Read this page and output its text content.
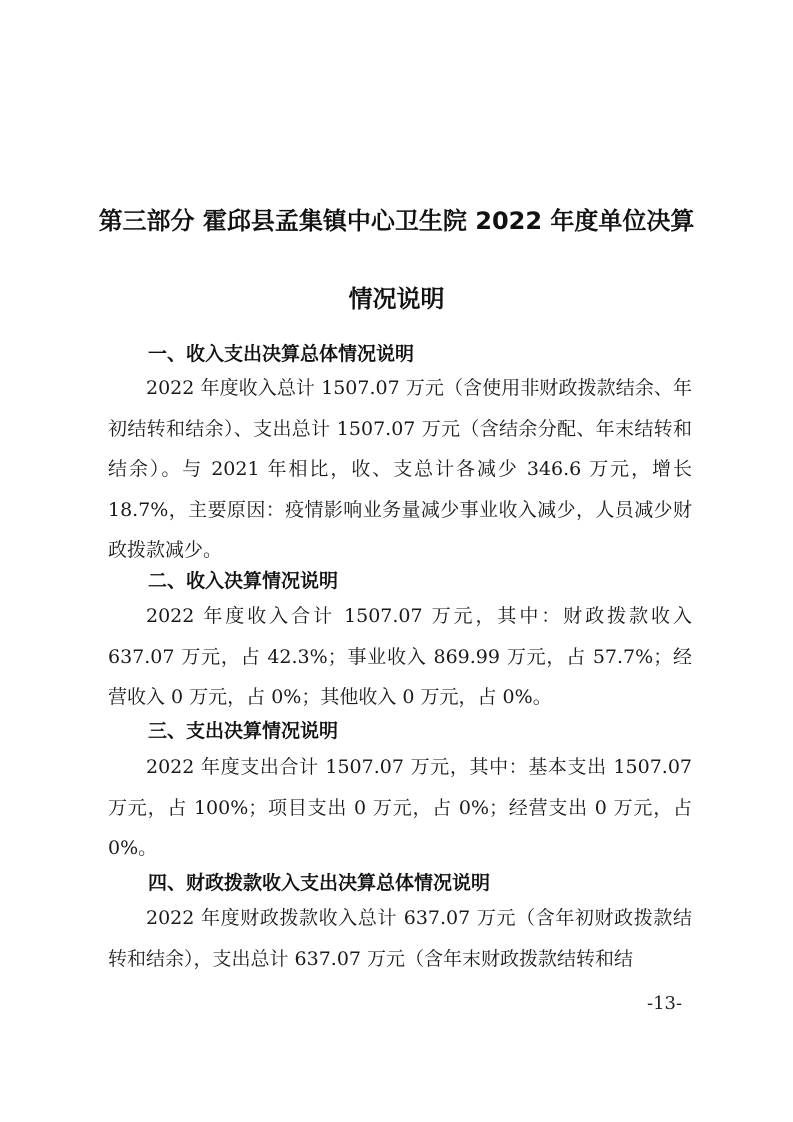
第三部分 霍邱县孟集镇中心卫生院 2022 年度单位决算
情况说明
一、收入支出决算总体情况说明

2022 年度收入总计 1507.07 万元（含使用非财政拨款结余、年初结转和结余）、支出总计 1507.07 万元（含结余分配、年末结转和结余）。与 2021 年相比，收、支总计各减少 346.6 万元，增长 18.7%，主要原因：疫情影响业务量减少事业收入减少，人员减少财政拨款减少。

二、收入决算情况说明

2022 年度收入合计 1507.07 万元，其中：财政拨款收入 637.07 万元，占 42.3%；事业收入 869.99 万元，占 57.7%；经营收入 0 万元，占 0%；其他收入 0 万元，占 0%。

三、支出决算情况说明

2022 年度支出合计 1507.07 万元，其中：基本支出 1507.07 万元，占 100%；项目支出 0 万元，占 0%；经营支出 0 万元，占 0%。

四、财政拨款收入支出决算总体情况说明

2022 年度财政拨款收入总计 637.07 万元（含年初财政拨款结转和结余），支出总计 637.07 万元（含年末财政拨款结转和结

-13-
